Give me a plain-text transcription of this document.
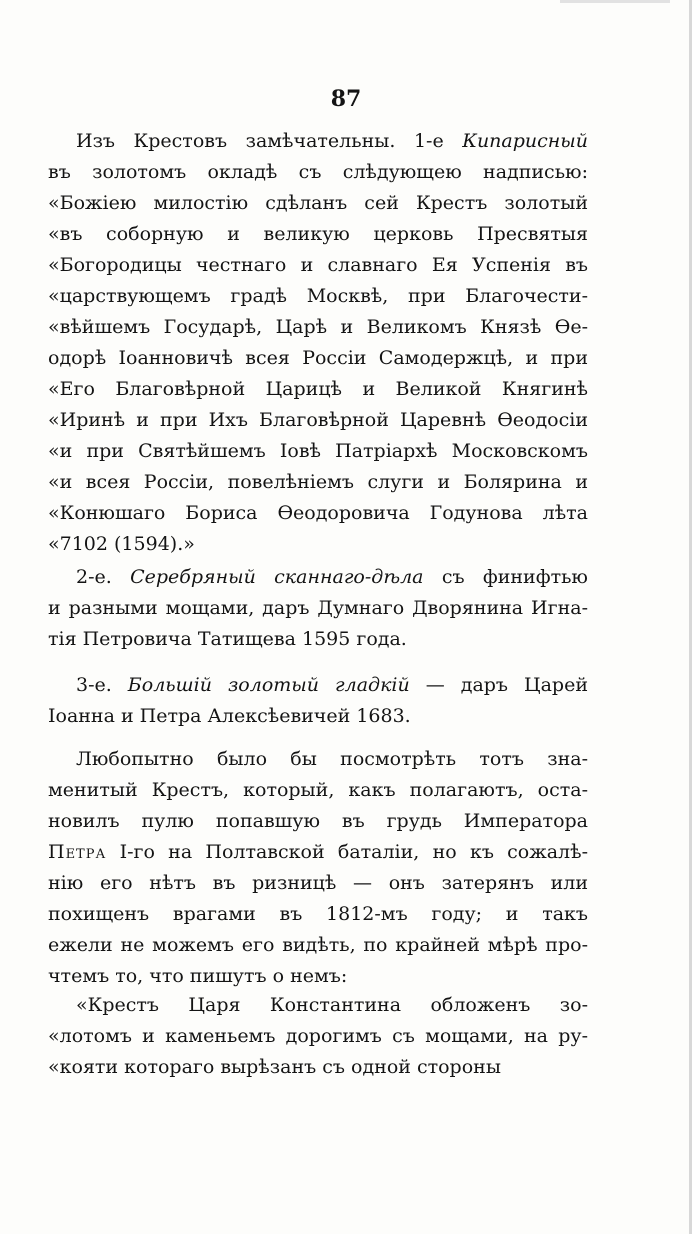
87
Изъ Крестовъ замѣчательны. 1-е Кипарисный
въ золотомъ окладѣ съ слѣдующею надписью:
«Божiею милостiю сдѣланъ сей Крестъ золотый
«въ соборную и великую церковь Пресвятыя
«Богородицы честнаго и славнаго Ея Успенiя въ
«царствующемъ градѣ Москвѣ, при Благочести-
«вѣйшемъ Государѣ, Царѣ и Великомъ Князѣ Ѳе-
одорѣ Iоанновичѣ всея Россiи Самодержцѣ, и при
«Его Благовѣрной Царицѣ и Великой Княгинѣ
«Иринѣ и при Ихъ Благовѣрной Царевнѣ Ѳеодосiи
«и при Святѣйшемъ Iовѣ Патрiархѣ Московскомъ
«и всея Россiи, повелѣнiемъ слуги и Болярина и
«Конюшаго Бориса Ѳеодоровича Годунова лѣта
«7102 (1594).»
2-е. Серебряный сканнаго-дѣла съ финифтью
и разными мощами, даръ Думнаго Дворянина Игна-
тiя Петровича Татищева 1595 года.
3-е. Большiй золотый гладкiй — даръ Царей
Iоанна и Петра Алексѣевичей 1683.
Любопытно было бы посмотрѣть тотъ зна-
менитый Крестъ, который, какъ полагаютъ, оста-
новилъ пулю попавшую въ грудь Императора
Петра I-го на Полтавской баталiи, но къ сожалѣ-
нiю его нѣтъ въ ризницѣ — онъ затерянъ или
похищенъ врагами въ 1812-мъ году; и такъ
ежели не можемъ его видѣть, по крайней мѣрѣ про-
чтемъ то, что пишутъ о немъ:
«Крестъ Царя Константина обложенъ зо-
«лотомъ и каменьемъ дорогимъ съ мощами, на ру-
«кояти котораго вырѣзанъ съ одной стороны
